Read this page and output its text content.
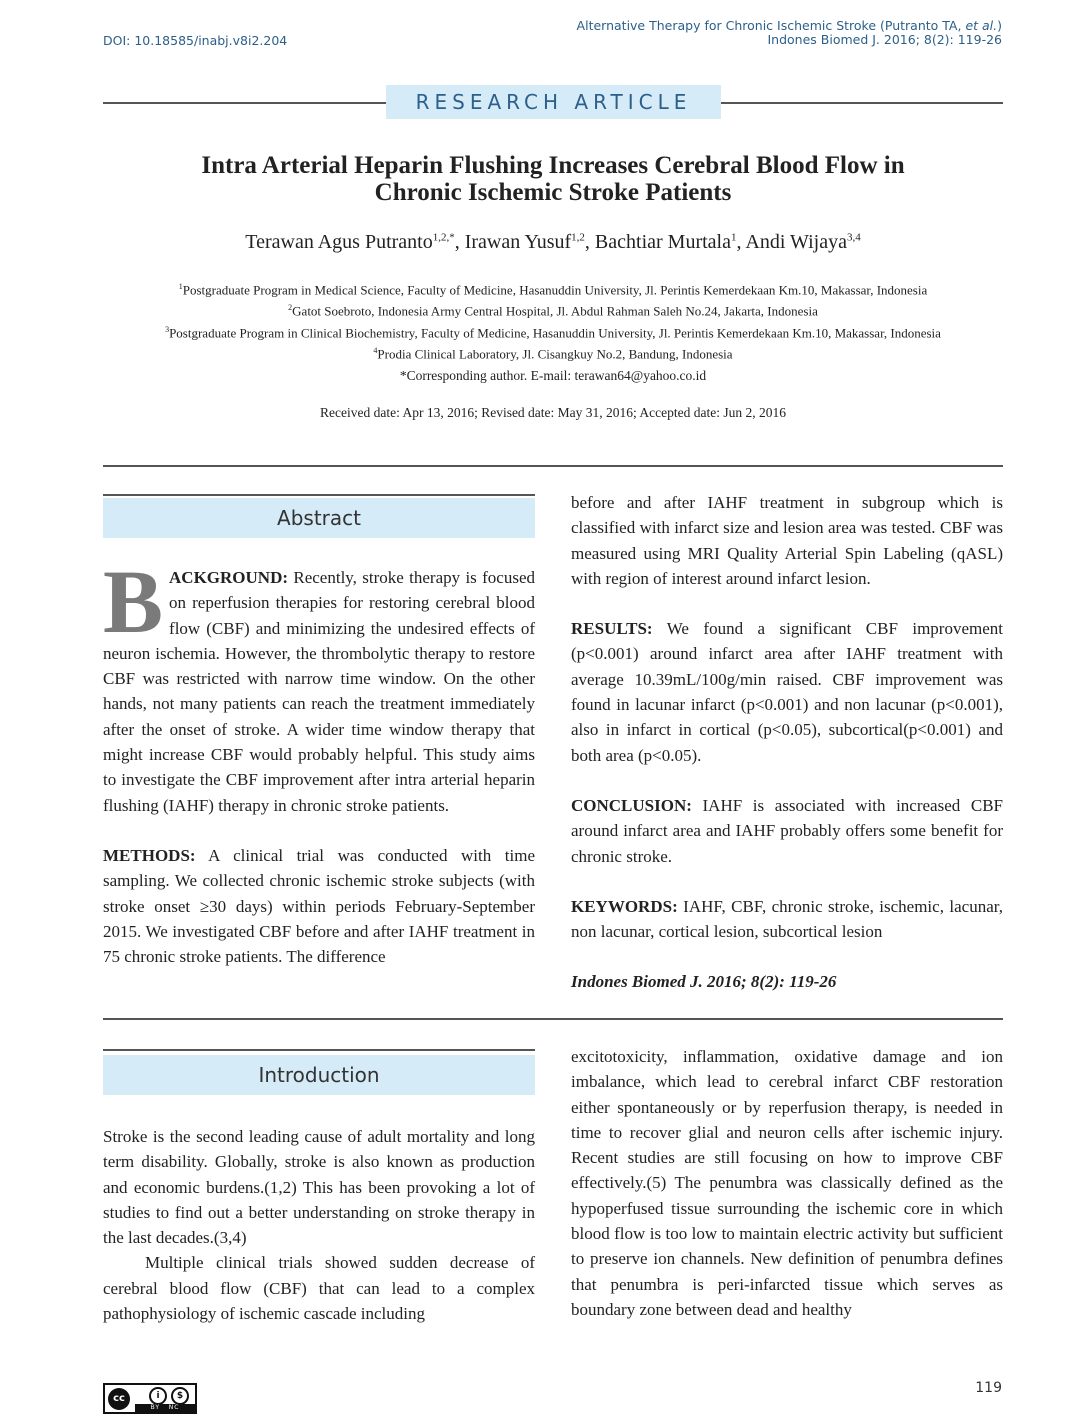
DOI: 10.18585/inabj.v8i2.204
Alternative Therapy for Chronic Ischemic Stroke (Putranto TA, et al.)
Indones Biomed J. 2016; 8(2): 119-26
RESEARCH ARTICLE
Intra Arterial Heparin Flushing Increases Cerebral Blood Flow in
Chronic Ischemic Stroke Patients
Terawan Agus Putranto$^{1,2,*}$, Irawan Yusuf$^{1,2}$, Bachtiar Murtala$^1$, Andi Wijaya$^{3,4}$
$^1$Postgraduate Program in Medical Science, Faculty of Medicine, Hasanuddin University, Jl. Perintis Kemerdekaan Km.10, Makassar, Indonesia
$^2$Gatot Soebroto, Indonesia Army Central Hospital, Jl. Abdul Rahman Saleh No.24, Jakarta, Indonesia
$^3$Postgraduate Program in Clinical Biochemistry, Faculty of Medicine, Hasanuddin University, Jl. Perintis Kemerdekaan Km.10, Makassar, Indonesia
$^4$Prodia Clinical Laboratory, Jl. Cisangkuy No.2, Bandung, Indonesia
*Corresponding author. E-mail: terawan64@yahoo.co.id
Received date: Apr 13, 2016; Revised date: May 31, 2016; Accepted date: Jun 2, 2016
Abstract

BACKGROUND: Recently, stroke therapy is focused on reperfusion therapies for restoring cerebral blood flow (CBF) and minimizing the undesired effects of neuron ischemia. However, the thrombolytic therapy to restore CBF was restricted with narrow time window. On the other hands, not many patients can reach the treatment immediately after the onset of stroke. A wider time window therapy that might increase CBF would probably helpful. This study aims to investigate the CBF improvement after intra arterial heparin flushing (IAHF) therapy in chronic stroke patients.

METHODS: A clinical trial was conducted with time sampling. We collected chronic ischemic stroke subjects (with stroke onset ≥30 days) within periods February-September 2015. We investigated CBF before and after IAHF treatment in 75 chronic stroke patients. The difference

before and after IAHF treatment in subgroup which is classified with infarct size and lesion area was tested. CBF was measured using MRI Quality Arterial Spin Labeling (qASL) with region of interest around infarct lesion.

RESULTS: We found a significant CBF improvement (p<0.001) around infarct area after IAHF treatment with average 10.39mL/100g/min raised. CBF improvement was found in lacunar infarct (p<0.001) and non lacunar (p<0.001), also in infarct in cortical (p<0.05), subcortical(p<0.001) and both area (p<0.05).

CONCLUSION: IAHF is associated with increased CBF around infarct area and IAHF probably offers some benefit for chronic stroke.

KEYWORDS: IAHF, CBF, chronic stroke, ischemic, lacunar, non lacunar, cortical lesion, subcortical lesion

Indones Biomed J. 2016; 8(2): 119-26

Introduction

Stroke is the second leading cause of adult mortality and long term disability. Globally, stroke is also known as production and economic burdens.(1,2) This has been provoking a lot of studies to find out a better understanding on stroke therapy in the last decades.(3,4)

Multiple clinical trials showed sudden decrease of cerebral blood flow (CBF) that can lead to a complex pathophysiology of ischemic cascade including

excitotoxicity, inflammation, oxidative damage and ion imbalance, which lead to cerebral infarct CBF restoration either spontaneously or by reperfusion therapy, is needed in time to recover glial and neuron cells after ischemic injury. Recent studies are still focusing on how to improve CBF effectively.(5) The penumbra was classically defined as the hypoperfused tissue surrounding the ischemic core in which blood flow is too low to maintain electric activity but sufficient to preserve ion channels. New definition of penumbra defines that penumbra is peri-infarcted tissue which serves as boundary zone between dead and healthy

cc	i	$
BY NC
119
